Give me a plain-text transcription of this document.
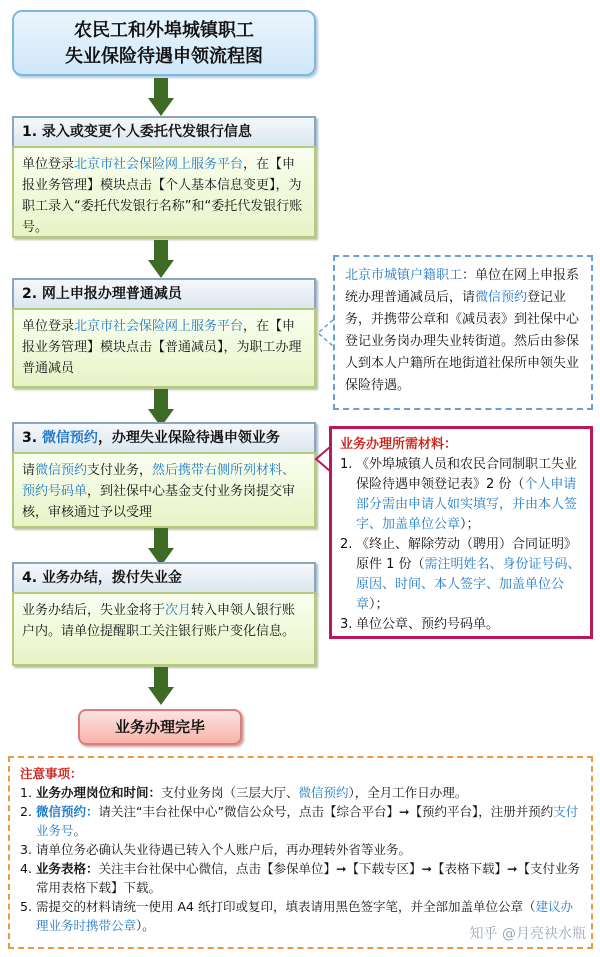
农民工和外埠城镇职工
失业保险待遇申领流程图
1. 录入或变更个人委托代发银行信息
单位登录北京市社会保险网上服务平台，在【申报业务管理】模块点击【个人基本信息变更】，为职工录入“委托代发银行名称”和“委托代发银行账号。
2. 网上申报办理普通减员
单位登录北京市社会保险网上服务平台，在【申报业务管理】模块点击【普通减员】，为职工办理普通减员
3. 微信预约，办理失业保险待遇申领业务
请微信预约支付业务，然后携带右侧所列材料、预约号码单，到社保中心基金支付业务岗提交审核，审核通过予以受理
4. 业务办结，拨付失业金
业务办结后，失业金将于次月转入申领人银行账户内。请单位提醒职工关注银行账户变化信息。
北京市城镇户籍职工：单位在网上申报系统办理普通减员后，请微信预约登记业务，并携带公章和《减员表》到社保中心登记业务岗办理失业转街道。然后由参保人到本人户籍所在地街道社保所申领失业保险待遇。
业务办理所需材料：
1. 《外埠城镇人员和农民合同制职工失业保险待遇申领登记表》2 份（个人申请部分需由申请人如实填写，并由本人签字、加盖单位公章）；
2. 《终止、解除劳动（聘用）合同证明》原件 1 份（需注明姓名、身份证号码、原因、时间、本人签字、加盖单位公章）；
3. 单位公章、预约号码单。
业务办理完毕
注意事项：
1. 业务办理岗位和时间：支付业务岗（三层大厅、微信预约），全月工作日办理。
2. 微信预约：请关注“丰台社保中心”微信公众号，点击【综合平台】➞【预约平台】，注册并预约支付业务号。
3. 请单位务必确认失业待遇已转入个人账户后，再办理转外省等业务。
4. 业务表格：关注丰台社保中心微信，点击【参保单位】➞【下载专区】➞【表格下载】➞【支付业务常用表格下载】下载。
5. 需提交的材料请统一使用 A4 纸打印或复印，填表请用黑色签字笔，并全部加盖单位公章（建议办理业务时携带公章）。
知乎 @月亮袂水瓶
